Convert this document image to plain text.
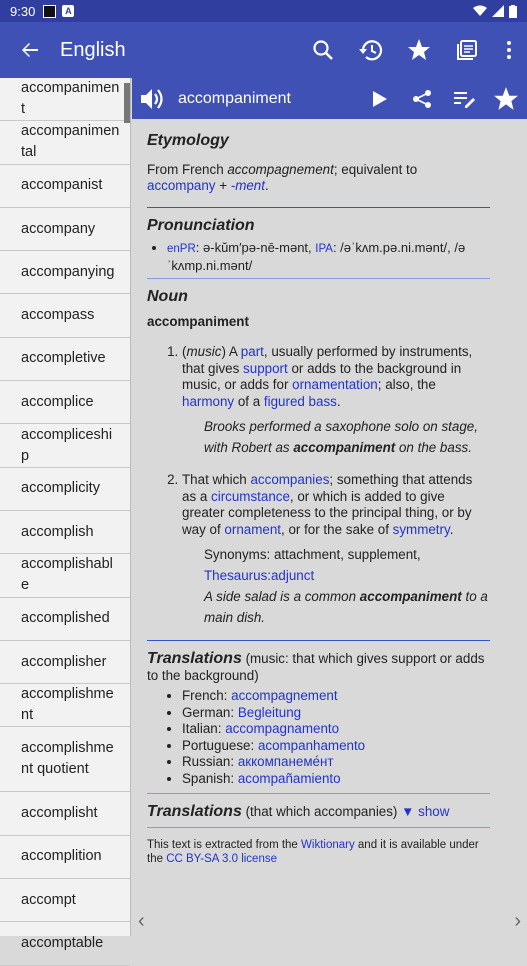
9:30	A
English
accompaniment
accompanimental
accompanist
accompany
accompanying
accompass
accompletive
accomplice
accompliceship
accomplicity
accomplish
accomplishable
accomplished
accomplisher
accomplishment
accomplishment quotient
accomplisht
accomplition
accompt
accomptable
accompaniment
Etymology

From French accompagnement; equivalent to
accompany + -ment.

Pronunciation
• enPR: ə-kŭm′pə-nē-mənt, IPA: /əˈkʌm.pə.ni.mənt/, /əˈkʌmp.ni.mənt/
Noun

accompaniment

1. (music) A part, usually performed by instruments, that gives support or adds to the background in music, or adds for ornamentation; also, the harmony of a figured bass.
Brooks performed a saxophone solo on stage, with Robert as accompaniment on the bass.
2. That which accompanies; something that attends as a circumstance, or which is added to give greater completeness to the principal thing, or by way of ornament, or for the sake of symmetry.
Synonyms: attachment, supplement,
Thesaurus:adjunct
A side salad is a common accompaniment to a main dish.

Translations (music: that which gives support or adds to the background)

• French: accompagnement
• German: Begleitung
• Italian: accompagnamento
• Portuguese: acompanhamento
• Russian: аккомпанеме́нт
• Spanish: acompañamiento

Translations (that which accompanies) ▼ show

This text is extracted from the Wiktionary and it is available under the CC BY-SA 3.0 license

‹	›
